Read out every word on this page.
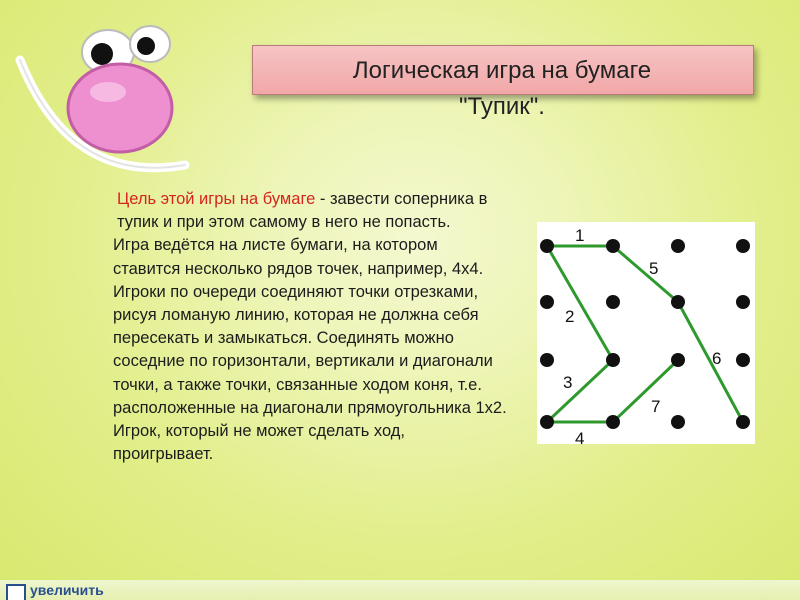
Логическая игра на бумаге
"Тупик".

Цель этой игры на бумаге - завести соперника в тупик и при этом самому в него не попасть.

Игра ведётся на листе бумаги, на котором ставится несколько рядов точек, например, 4х4. Игроки по очереди соединяют точки отрезками, рисуя ломаную линию, которая не должна себя пересекать и замыкаться. Соединять можно соседние по горизонтали, вертикали и диагонали точки, а также точки, связанные ходом коня, т.е. расположенные на диагонали прямоугольника 1х2. Игрок, который не может сделать ход, проигрывает.

1
2
3
4
5
6
7
увеличить
